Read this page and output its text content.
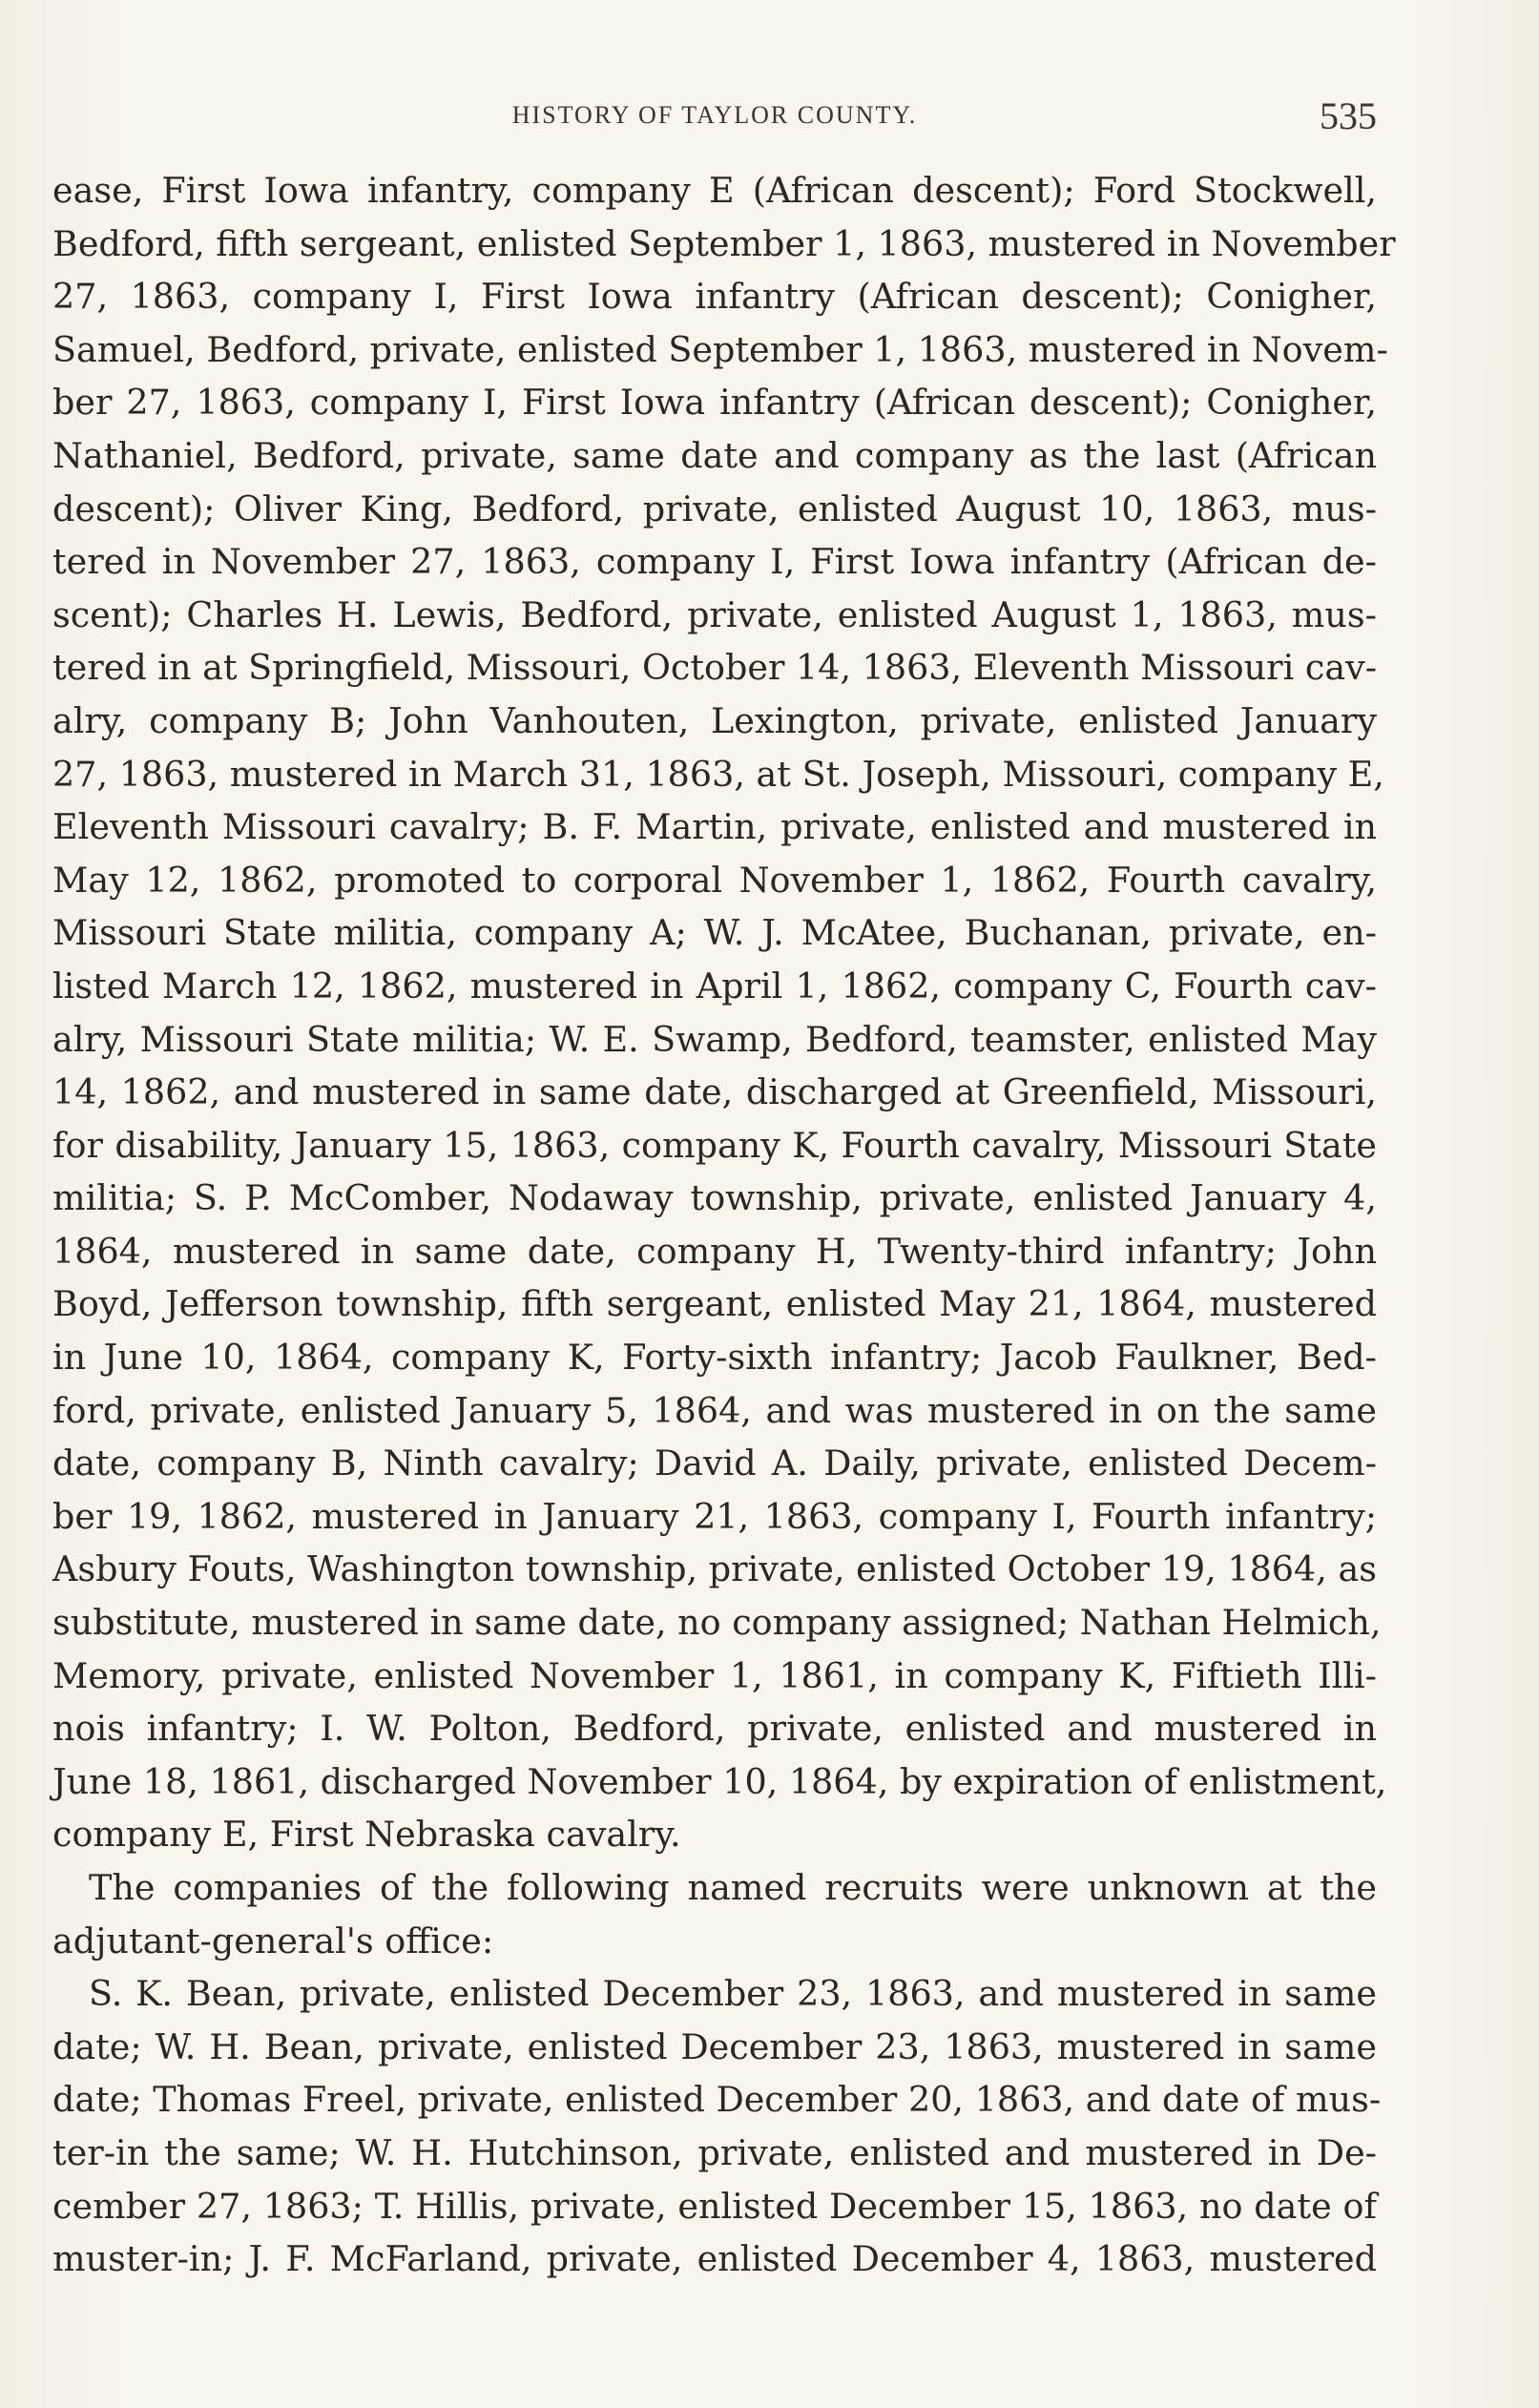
HISTORY OF TAYLOR COUNTY.	535
ease, First Iowa infantry, company E (African descent); Ford Stockwell,
Bedford, fifth sergeant, enlisted September 1, 1863, mustered in November
27, 1863, company I, First Iowa infantry (African descent); Conigher,
Samuel, Bedford, private, enlisted September 1, 1863, mustered in Novem-
ber 27, 1863, company I, First Iowa infantry (African descent); Conigher,
Nathaniel, Bedford, private, same date and company as the last (African
descent); Oliver King, Bedford, private, enlisted August 10, 1863, mus-
tered in November 27, 1863, company I, First Iowa infantry (African de-
scent); Charles H. Lewis, Bedford, private, enlisted August 1, 1863, mus-
tered in at Springfield, Missouri, October 14, 1863, Eleventh Missouri cav-
alry, company B; John Vanhouten, Lexington, private, enlisted January
27, 1863, mustered in March 31, 1863, at St. Joseph, Missouri, company E,
Eleventh Missouri cavalry; B. F. Martin, private, enlisted and mustered in
May 12, 1862, promoted to corporal November 1, 1862, Fourth cavalry,
Missouri State militia, company A; W. J. McAtee, Buchanan, private, en-
listed March 12, 1862, mustered in April 1, 1862, company C, Fourth cav-
alry, Missouri State militia; W. E. Swamp, Bedford, teamster, enlisted May
14, 1862, and mustered in same date, discharged at Greenfield, Missouri,
for disability, January 15, 1863, company K, Fourth cavalry, Missouri State
militia; S. P. McComber, Nodaway township, private, enlisted January 4,
1864, mustered in same date, company H, Twenty-third infantry; John
Boyd, Jefferson township, fifth sergeant, enlisted May 21, 1864, mustered
in June 10, 1864, company K, Forty-sixth infantry; Jacob Faulkner, Bed-
ford, private, enlisted January 5, 1864, and was mustered in on the same
date, company B, Ninth cavalry; David A. Daily, private, enlisted Decem-
ber 19, 1862, mustered in January 21, 1863, company I, Fourth infantry;
Asbury Fouts, Washington township, private, enlisted October 19, 1864, as
substitute, mustered in same date, no company assigned; Nathan Helmich,
Memory, private, enlisted November 1, 1861, in company K, Fiftieth Illi-
nois infantry; I. W. Polton, Bedford, private, enlisted and mustered in
June 18, 1861, discharged November 10, 1864, by expiration of enlistment,
company E, First Nebraska cavalry.
The companies of the following named recruits were unknown at the
adjutant-general's office:
S. K. Bean, private, enlisted December 23, 1863, and mustered in same
date; W. H. Bean, private, enlisted December 23, 1863, mustered in same
date; Thomas Freel, private, enlisted December 20, 1863, and date of mus-
ter-in the same; W. H. Hutchinson, private, enlisted and mustered in De-
cember 27, 1863; T. Hillis, private, enlisted December 15, 1863, no date of
muster-in; J. F. McFarland, private, enlisted December 4, 1863, mustered
